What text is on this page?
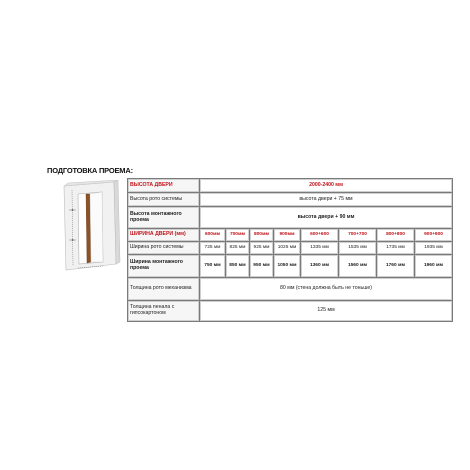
ПОДГОТОВКА ПРОЕМА:
ВЫСОТА ДВЕРИ	2000-2400 мм							
Высота рото системы	высота двери + 75 мм							
Высота монтажного проема	высота двери + 90 мм							
ШИРИНА ДВЕРИ (мм)	600мм	700мм	800мм	900мм	600+600	700+700	800+800	900+900
Ширина рото системы	725 мм	825 мм	925 мм	1025 мм	1335 мм	1535 мм	1735 мм	1935 мм
Ширина монтажного проема	750 мм	850 мм	950 мм	1050 мм	1360 мм	1560 мм	1760 мм	1960 мм
Толщина рото механизма	80 мм (стена должна быть не тоньше)							
Толщина пенала с гипсокартоном	125 мм							
